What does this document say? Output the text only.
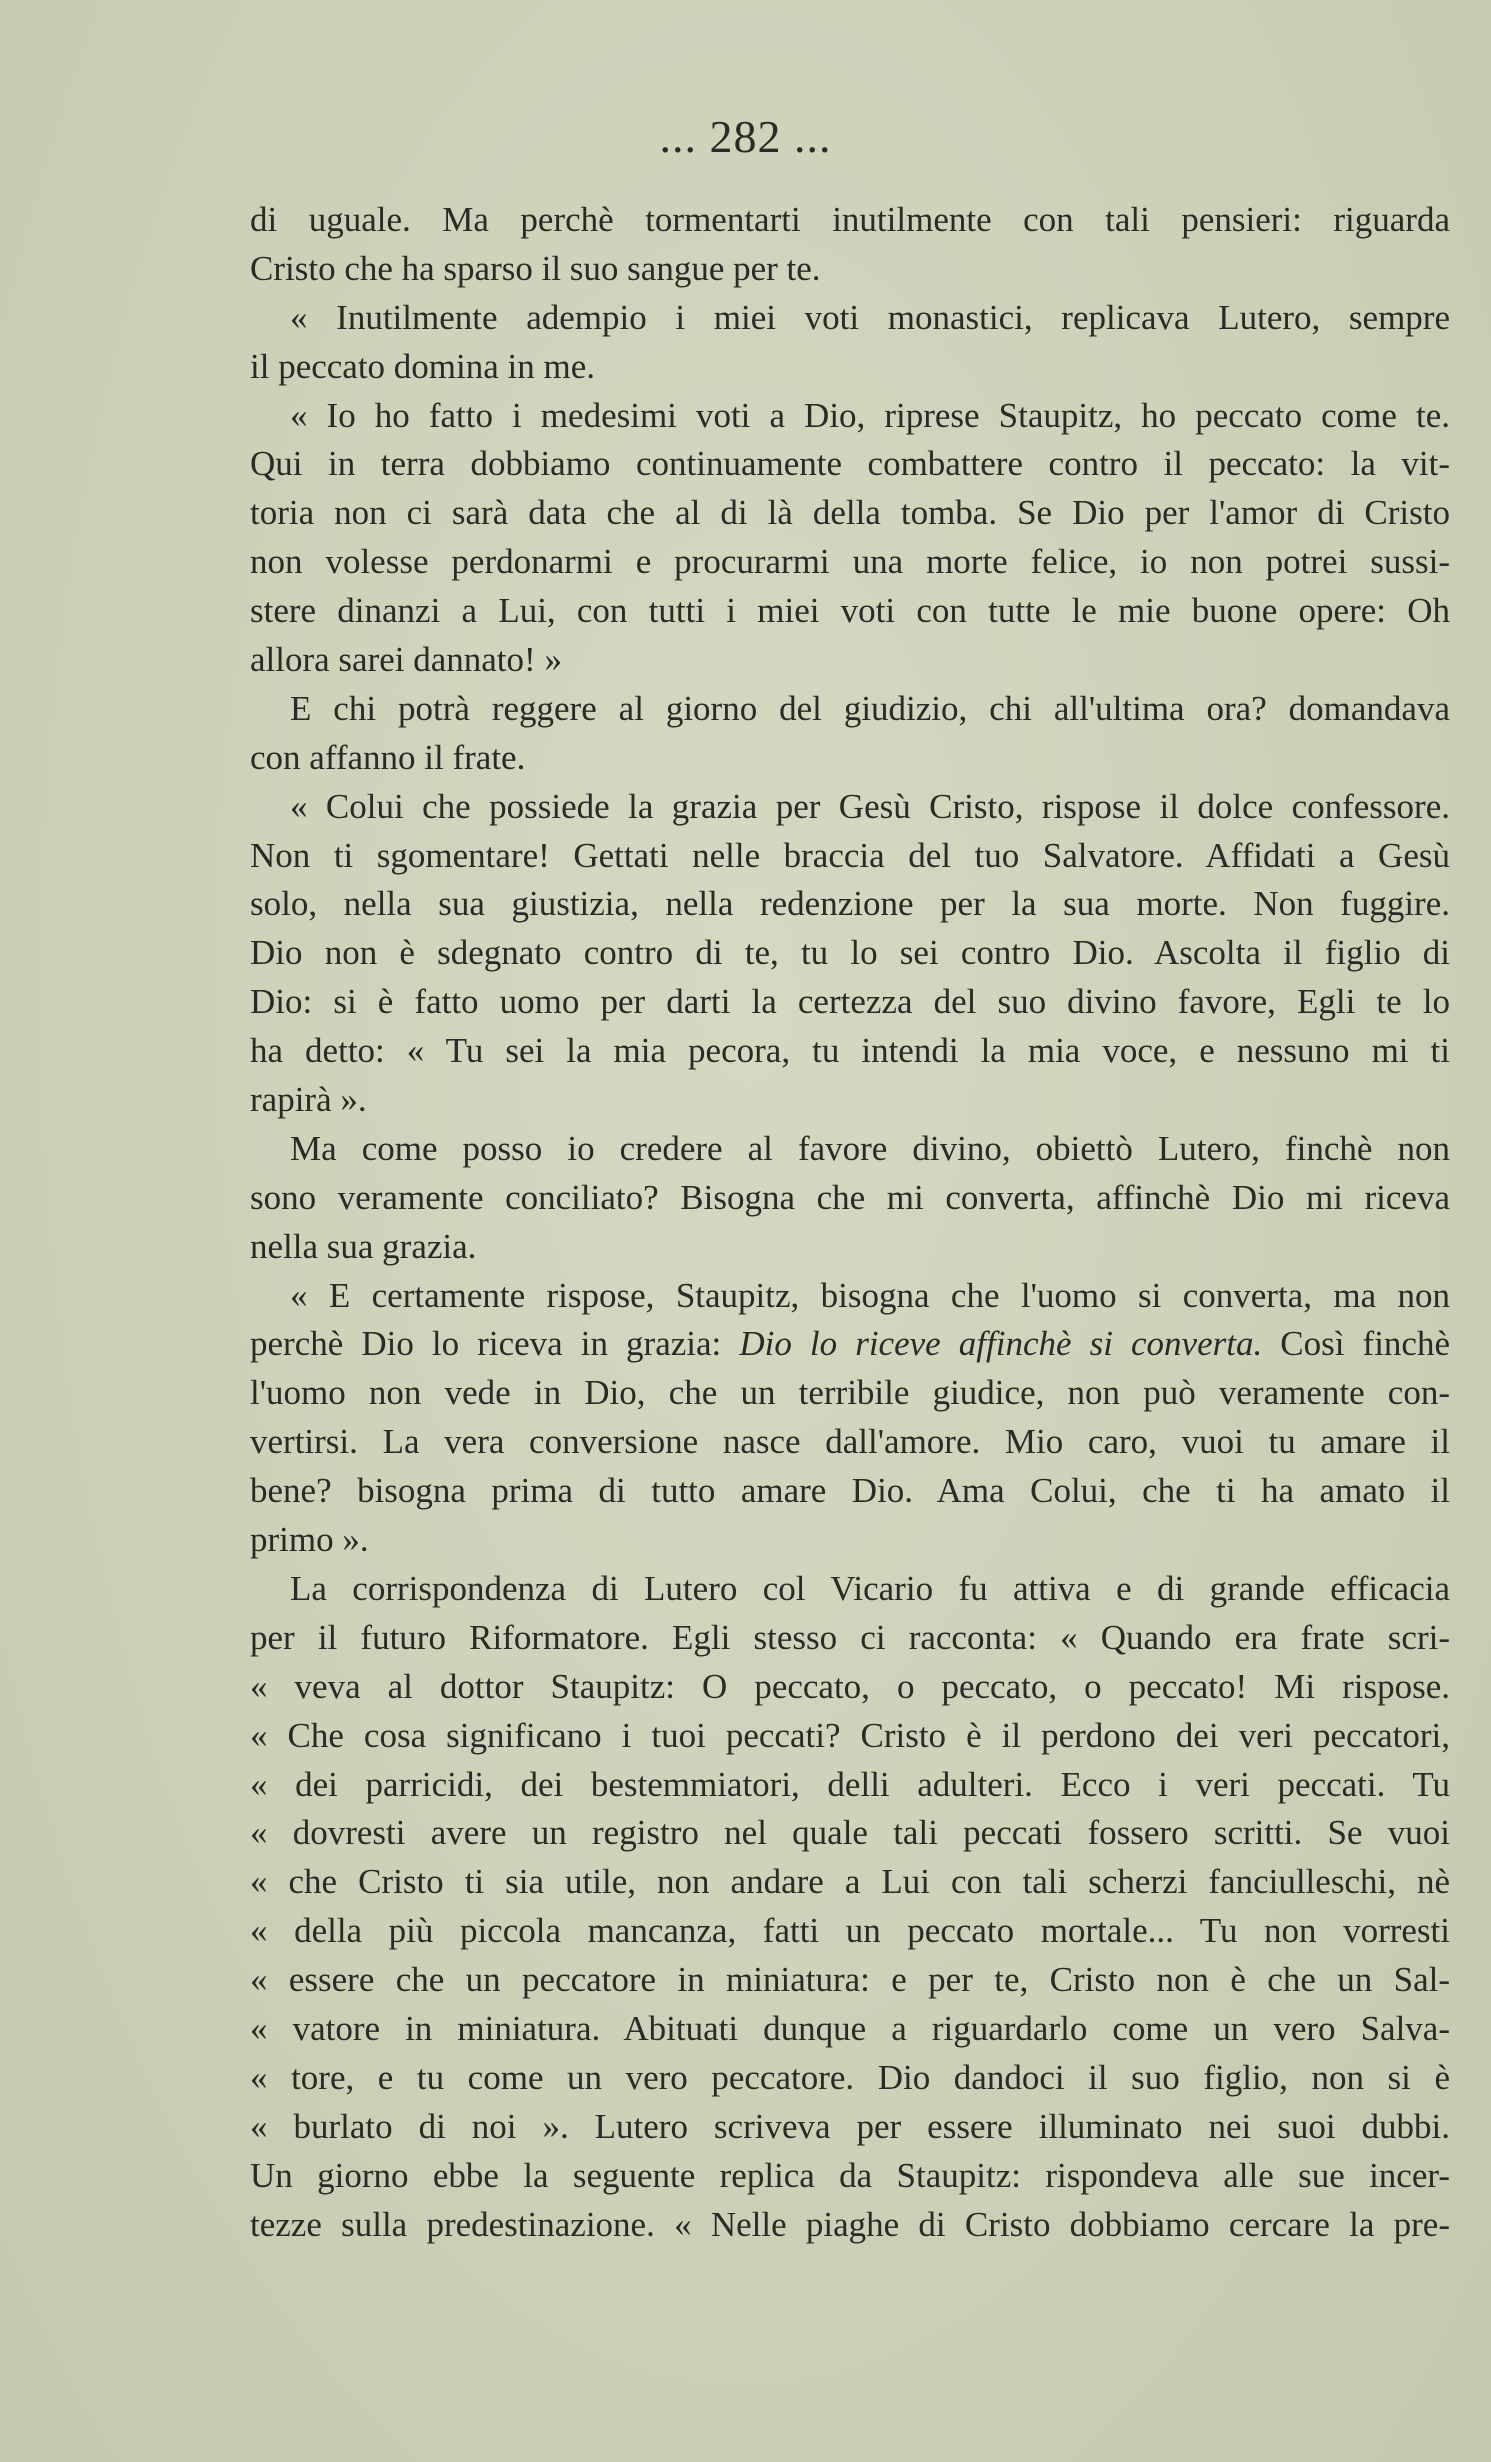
... 282 ...
di uguale. Ma perchè tormentarti inutilmente con tali pensieri: riguarda
Cristo che ha sparso il suo sangue per te.
« Inutilmente adempio i miei voti monastici, replicava Lutero, sempre
il peccato domina in me.
« Io ho fatto i medesimi voti a Dio, riprese Staupitz, ho peccato come te.
Qui in terra dobbiamo continuamente combattere contro il peccato: la vit-
toria non ci sarà data che al di là della tomba. Se Dio per l'amor di Cristo
non volesse perdonarmi e procurarmi una morte felice, io non potrei sussi-
stere dinanzi a Lui, con tutti i miei voti con tutte le mie buone opere: Oh
allora sarei dannato! »
E chi potrà reggere al giorno del giudizio, chi all'ultima ora? domandava
con affanno il frate.
« Colui che possiede la grazia per Gesù Cristo, rispose il dolce confessore.
Non ti sgomentare! Gettati nelle braccia del tuo Salvatore. Affidati a Gesù
solo, nella sua giustizia, nella redenzione per la sua morte. Non fuggire.
Dio non è sdegnato contro di te, tu lo sei contro Dio. Ascolta il figlio di
Dio: si è fatto uomo per darti la certezza del suo divino favore, Egli te lo
ha detto: « Tu sei la mia pecora, tu intendi la mia voce, e nessuno mi ti
rapirà ».
Ma come posso io credere al favore divino, obiettò Lutero, finchè non
sono veramente conciliato? Bisogna che mi converta, affinchè Dio mi riceva
nella sua grazia.
« E certamente rispose, Staupitz, bisogna che l'uomo si converta, ma non
perchè Dio lo riceva in grazia: Dio lo riceve affinchè si converta. Così finchè
l'uomo non vede in Dio, che un terribile giudice, non può veramente con-
vertirsi. La vera conversione nasce dall'amore. Mio caro, vuoi tu amare il
bene? bisogna prima di tutto amare Dio. Ama Colui, che ti ha amato il
primo ».
La corrispondenza di Lutero col Vicario fu attiva e di grande efficacia
per il futuro Riformatore. Egli stesso ci racconta: « Quando era frate scri-
« veva al dottor Staupitz: O peccato, o peccato, o peccato! Mi rispose.
« Che cosa significano i tuoi peccati? Cristo è il perdono dei veri peccatori,
« dei parricidi, dei bestemmiatori, delli adulteri. Ecco i veri peccati. Tu
« dovresti avere un registro nel quale tali peccati fossero scritti. Se vuoi
« che Cristo ti sia utile, non andare a Lui con tali scherzi fanciulleschi, nè
« della più piccola mancanza, fatti un peccato mortale... Tu non vorresti
« essere che un peccatore in miniatura: e per te, Cristo non è che un Sal-
« vatore in miniatura. Abituati dunque a riguardarlo come un vero Salva-
« tore, e tu come un vero peccatore. Dio dandoci il suo figlio, non si è
« burlato di noi ». Lutero scriveva per essere illuminato nei suoi dubbi.
Un giorno ebbe la seguente replica da Staupitz: rispondeva alle sue incer-
tezze sulla predestinazione. « Nelle piaghe di Cristo dobbiamo cercare la pre-
